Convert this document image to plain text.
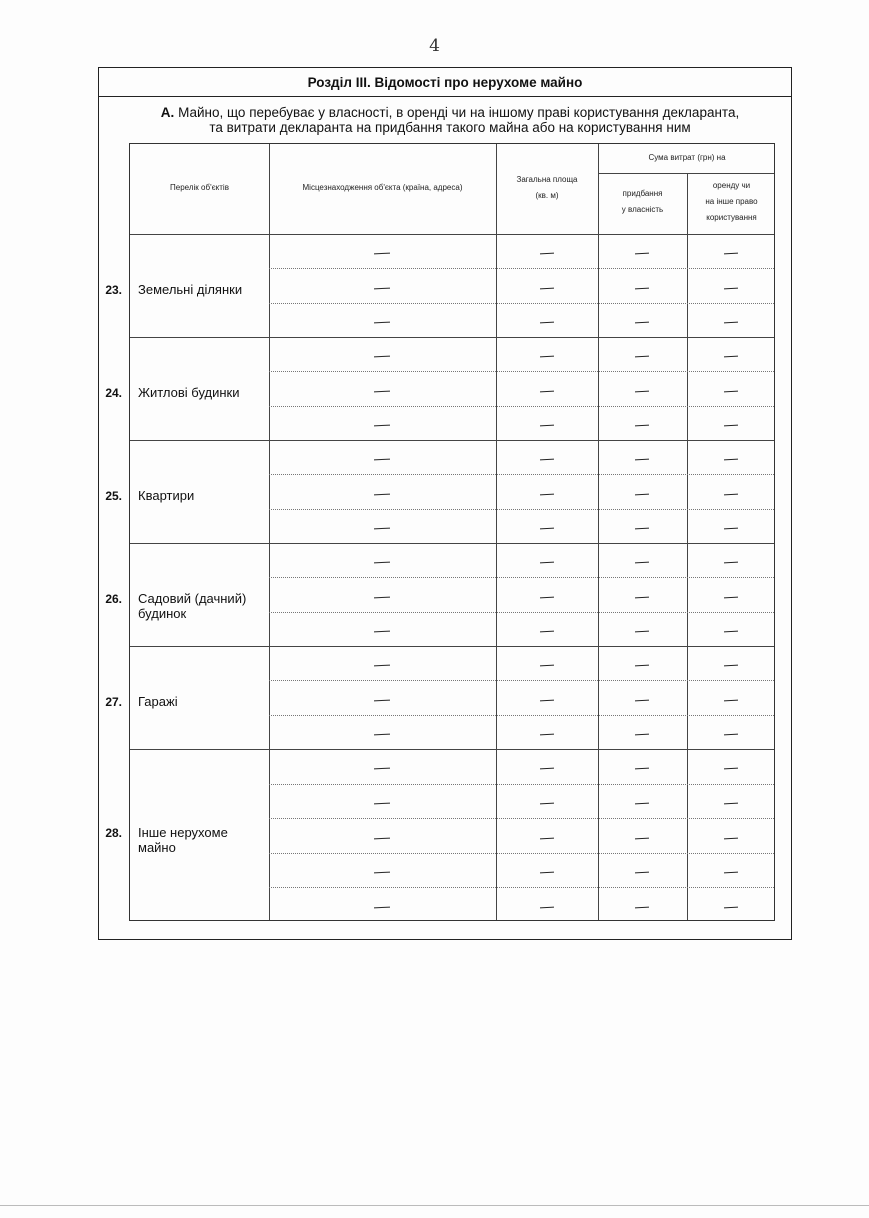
4
Розділ III. Відомості про нерухоме майно
А. Майно, що перебуває у власності, в оренді чи на іншому праві користування декларанта,
та витрати декларанта на придбання такого майна або на користування ним
Перелік об'єктів	Місцезнаходження об'єкта (країна, адреса)
Загальна площа
(кв. м)
Сума витрат (грн) на
придбання
у власність
оренду чи
на інше право
користування
23. Земельні ділянки
24. Житлові будинки
25. Квартири
26. Садовий (дачний) будинок
27. Гаражі
28. Інше нерухоме майно
